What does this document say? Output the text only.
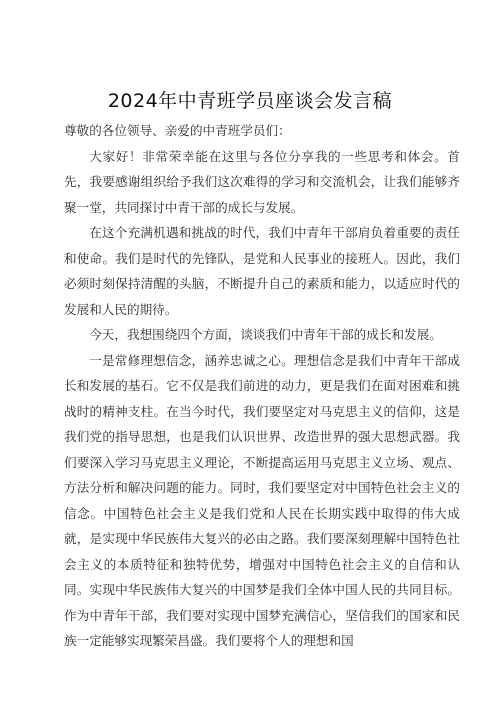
2024年中青班学员座谈会发言稿

尊敬的各位领导、亲爱的中青班学员们：

大家好！非常荣幸能在这里与各位分享我的一些思考和体会。首先，我要感谢组织给予我们这次难得的学习和交流机会，让我们能够齐聚一堂，共同探讨中青干部的成长与发展。

在这个充满机遇和挑战的时代，我们中青年干部肩负着重要的责任和使命。我们是时代的先锋队，是党和人民事业的接班人。因此，我们必须时刻保持清醒的头脑，不断提升自己的素质和能力，以适应时代的发展和人民的期待。

今天，我想围绕四个方面，谈谈我们中青年干部的成长和发展。

一是常修理想信念，涵养忠诚之心。理想信念是我们中青年干部成长和发展的基石。它不仅是我们前进的动力，更是我们在面对困难和挑战时的精神支柱。在当今时代，我们要坚定对马克思主义的信仰，这是我们党的指导思想，也是我们认识世界、改造世界的强大思想武器。我们要深入学习马克思主义理论，不断提高运用马克思主义立场、观点、方法分析和解决问题的能力。同时，我们要坚定对中国特色社会主义的信念。中国特色社会主义是我们党和人民在长期实践中取得的伟大成就，是实现中华民族伟大复兴的必由之路。我们要深刻理解中国特色社会主义的本质特征和独特优势，增强对中国特色社会主义的自信和认同。实现中华民族伟大复兴的中国梦是我们全体中国人民的共同目标。作为中青年干部，我们要对实现中国梦充满信心，坚信我们的国家和民族一定能够实现繁荣昌盛。我们要将个人的理想和国
